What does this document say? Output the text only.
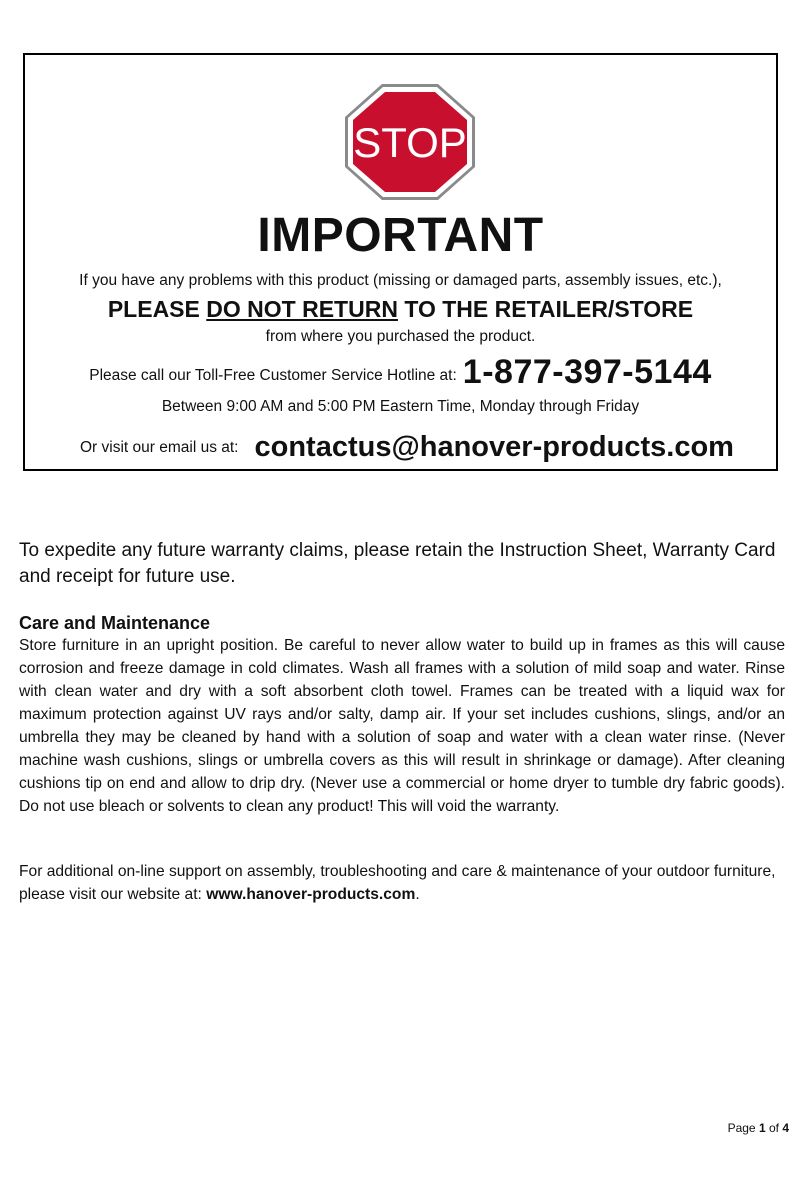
STOP
IMPORTANT
If you have any problems with this product (missing or damaged parts, assembly issues, etc.),
PLEASE DO NOT RETURN TO THE RETAILER/STORE
from where you purchased the product.
Please call our Toll-Free Customer Service Hotline at: 1-877-397-5144
Between 9:00 AM and 5:00 PM Eastern Time, Monday through Friday
Or visit our email us at: contactus@hanover-products.com
To expedite any future warranty claims, please retain the Instruction Sheet, Warranty Card and receipt for future use.
Care and Maintenance
Store furniture in an upright position. Be careful to never allow water to build up in frames as this will cause corrosion and freeze damage in cold climates. Wash all frames with a solution of mild soap and water. Rinse with clean water and dry with a soft absorbent cloth towel. Frames can be treated with a liquid wax for maximum protection against UV rays and/or salty, damp air. If your set includes cushions, slings, and/or an umbrella they may be cleaned by hand with a solution of soap and water with a clean water rinse. (Never machine wash cushions, slings or umbrella covers as this will result in shrinkage or damage). After cleaning cushions tip on end and allow to drip dry. (Never use a commercial or home dryer to tumble dry fabric goods). Do not use bleach or solvents to clean any product! This will void the warranty.
For additional on-line support on assembly, troubleshooting and care & maintenance of your outdoor furniture, please visit our website at: www.hanover-products.com.
Page 1 of 4
